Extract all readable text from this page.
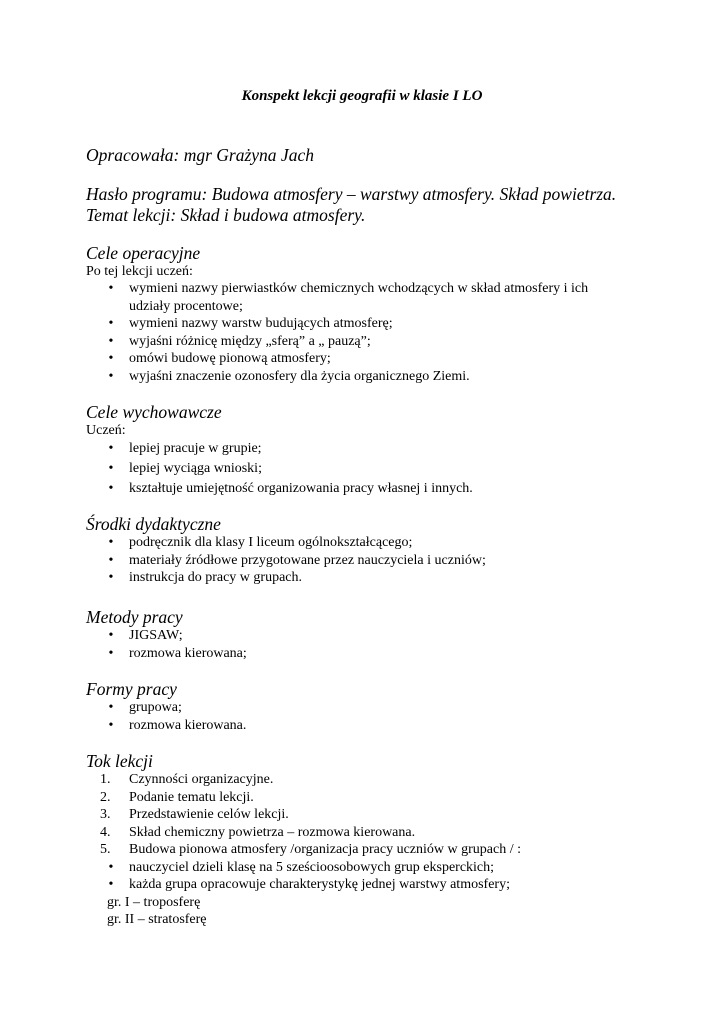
Konspekt lekcji geografii w klasie I LO

Opracowała: mgr Grażyna Jach

Hasło programu: Budowa atmosfery – warstwy atmosfery. Skład powietrza.

Temat lekcji: Skład i budowa atmosfery.

Cele operacyjne

Po tej lekcji uczeń:

• wymieni nazwy pierwiastków chemicznych wchodzących w skład atmosfery i ich
udziały procentowe;
• wymieni nazwy warstw budujących atmosferę;
• wyjaśni różnicę między „sferą” a „ pauzą”;
• omówi budowę pionową atmosfery;
• wyjaśni znaczenie ozonosfery dla życia organicznego Ziemi.
Cele wychowawcze

Uczeń:

• lepiej pracuje w grupie;
• lepiej wyciąga wnioski;
• kształtuje umiejętność organizowania pracy własnej i innych.
Środki dydaktyczne
• podręcznik dla klasy I liceum ogólnokształcącego;
• materiały źródłowe przygotowane przez nauczyciela i uczniów;
• instrukcja do pracy w grupach.
Metody pracy
• JIGSAW;
• rozmowa kierowana;
Formy pracy
• grupowa;
• rozmowa kierowana.
Tok lekcji
1. Czynności organizacyjne.
2. Podanie tematu lekcji.
3. Przedstawienie celów lekcji.
4. Skład chemiczny powietrza – rozmowa kierowana.
5. Budowa pionowa atmosfery /organizacja pracy uczniów w grupach / :
• nauczyciel dzieli klasę na 5 sześcioosobowych grup eksperckich;
• każda grupa opracowuje charakterystykę jednej warstwy atmosfery;

gr. I – troposferę

gr. II – stratosferę
